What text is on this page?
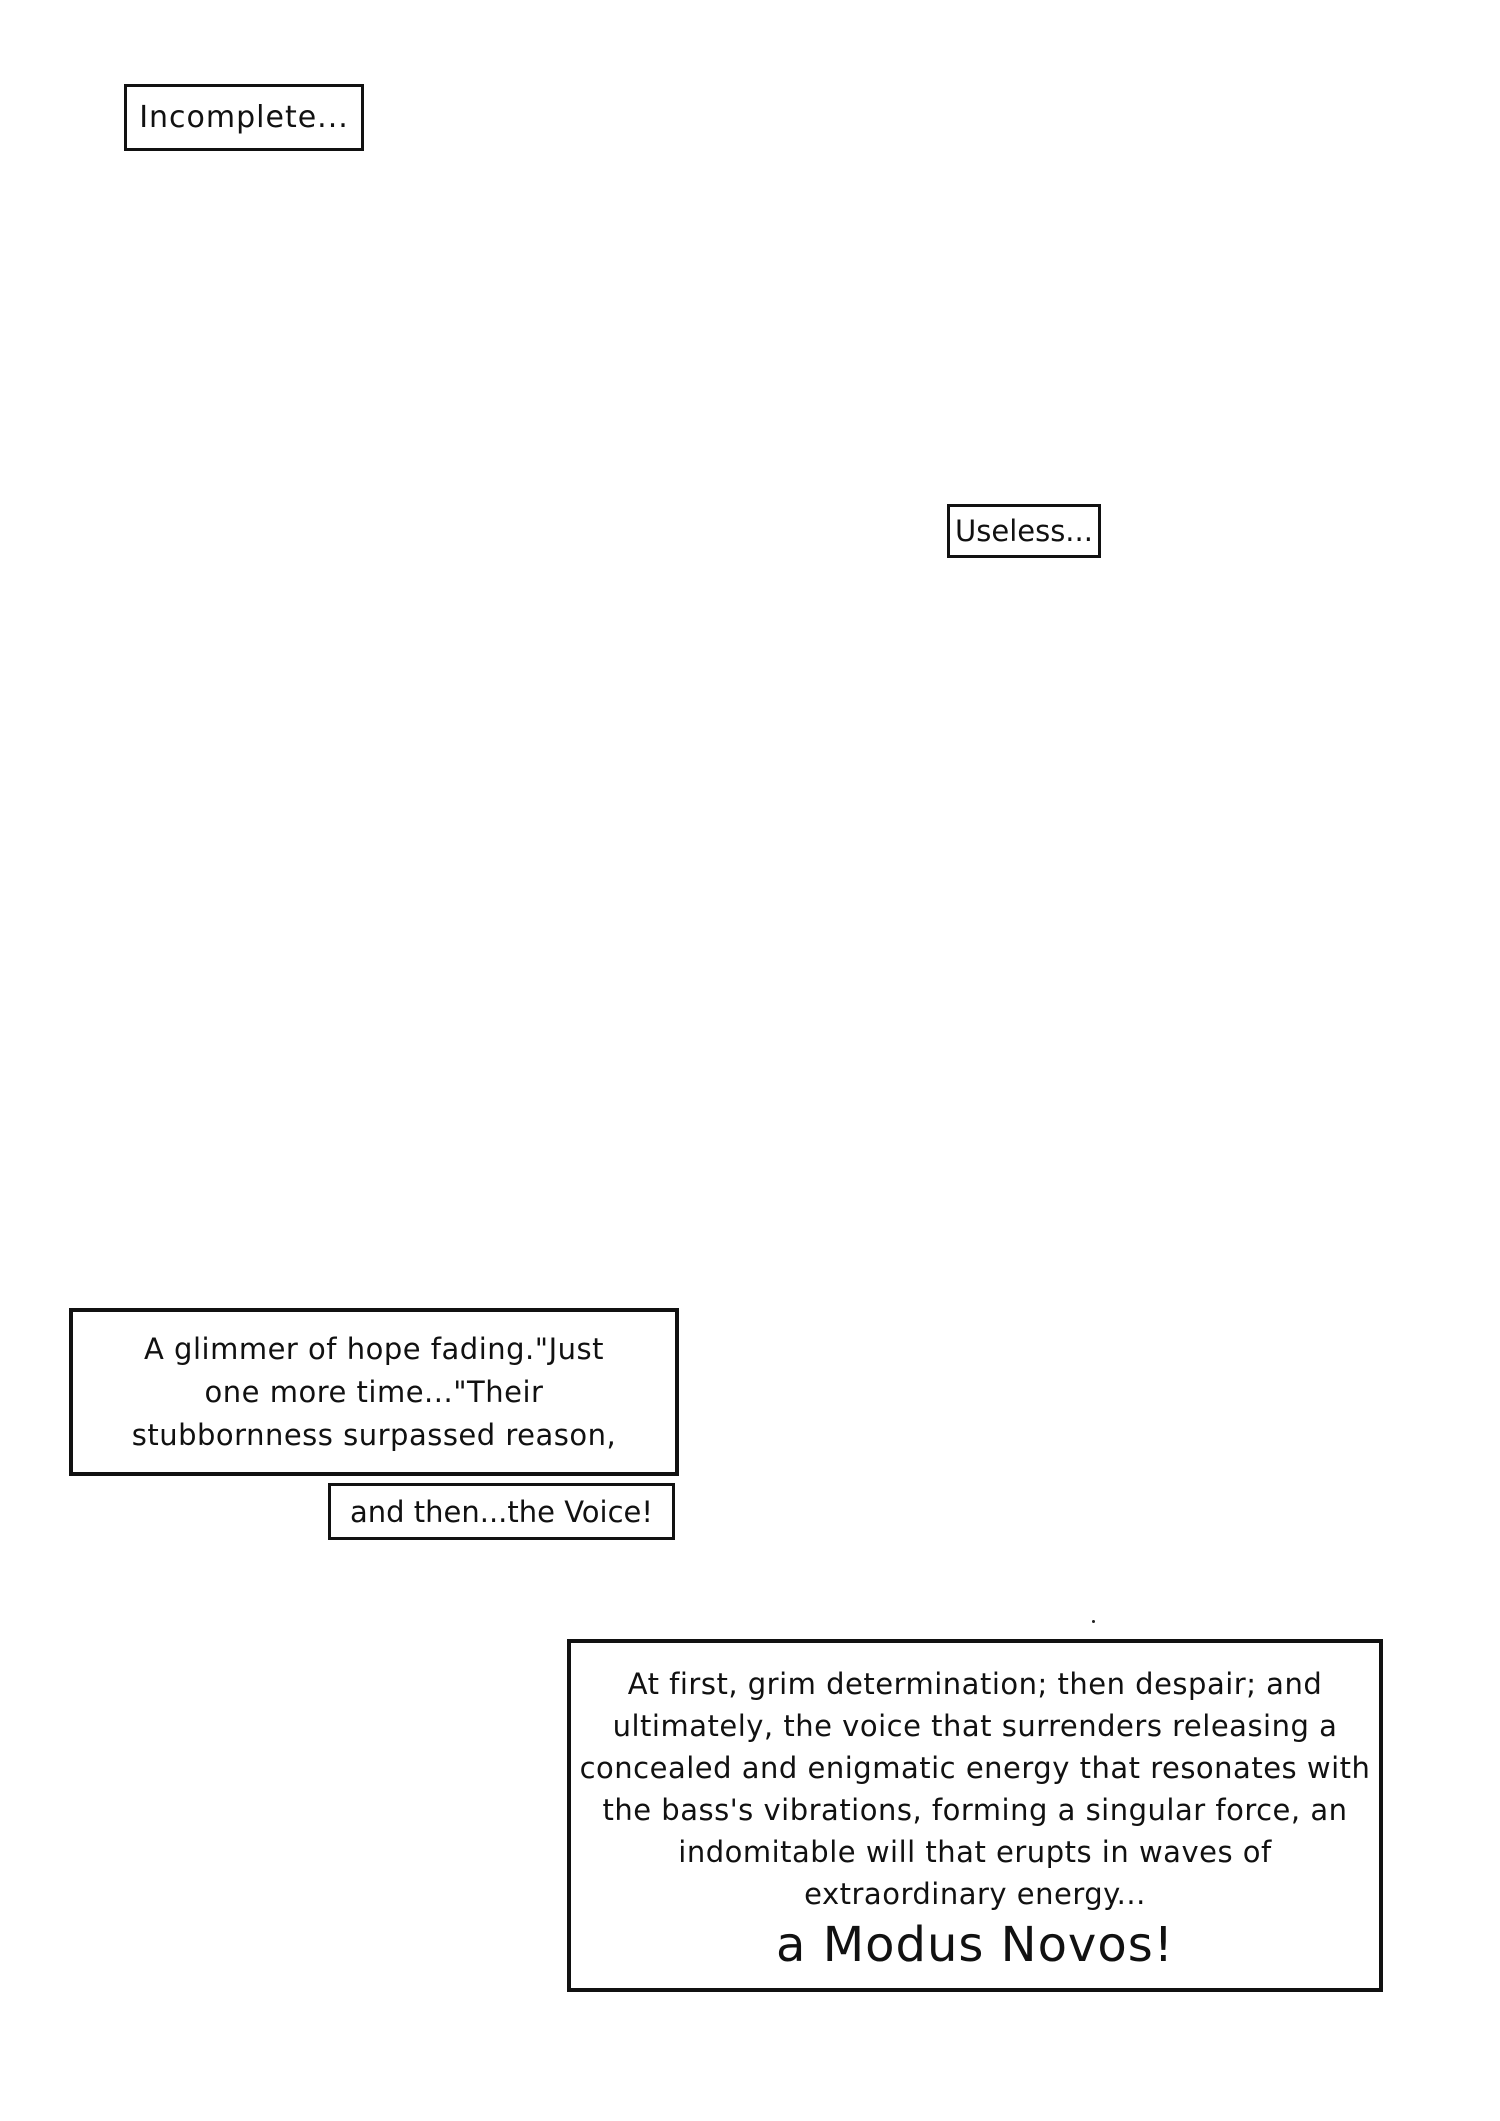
Incomplete...
Useless...
A glimmer of hope fading."Just
one more time..."Their
stubbornness surpassed reason,
and then...the Voice!
At first, grim determination; then despair; and
ultimately, the voice that surrenders releasing a
concealed and enigmatic energy that resonates with
the bass's vibrations, forming a singular force, an
indomitable will that erupts in waves of
extraordinary energy...
a Modus Novos!
